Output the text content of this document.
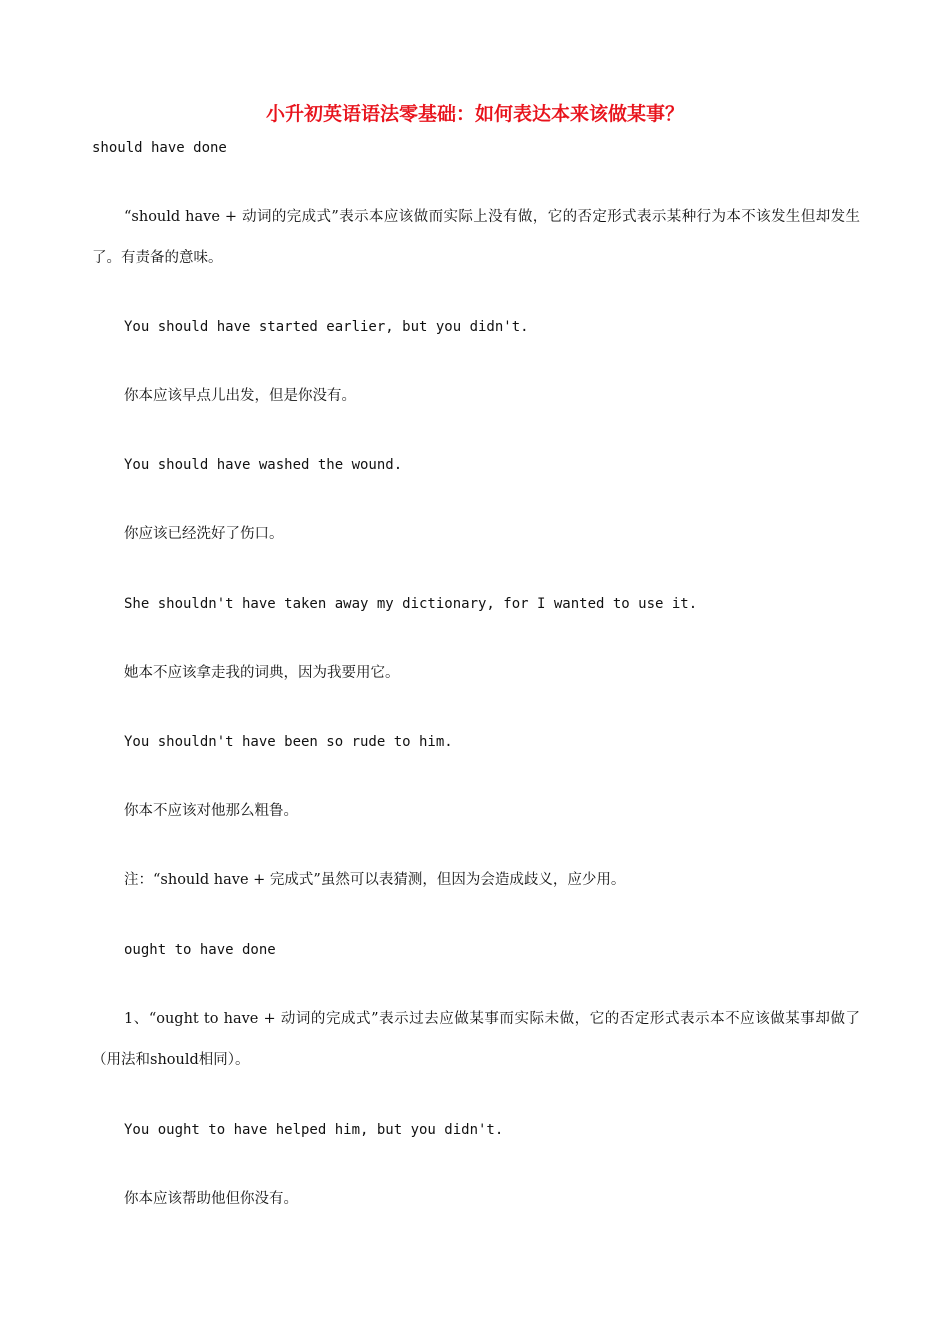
小升初英语语法零基础：如何表达本来该做某事？

should have done

“should have + 动词的完成式”表示本应该做而实际上没有做，它的否定形式表示某种行为本不该发生但却发生了。有责备的意味。

You should have started earlier, but you didn't.

你本应该早点儿出发，但是你没有。

You should have washed the wound.

你应该已经洗好了伤口。

She shouldn't have taken away my dictionary, for I wanted to use it.

她本不应该拿走我的词典，因为我要用它。

You shouldn't have been so rude to him.

你本不应该对他那么粗鲁。

注：“should have + 完成式”虽然可以表猜测，但因为会造成歧义，应少用。

ought to have done

1、“ought to have + 动词的完成式”表示过去应做某事而实际未做，它的否定形式表示本不应该做某事却做了（用法和should相同）。

You ought to have helped him, but you didn't.

你本应该帮助他但你没有。
